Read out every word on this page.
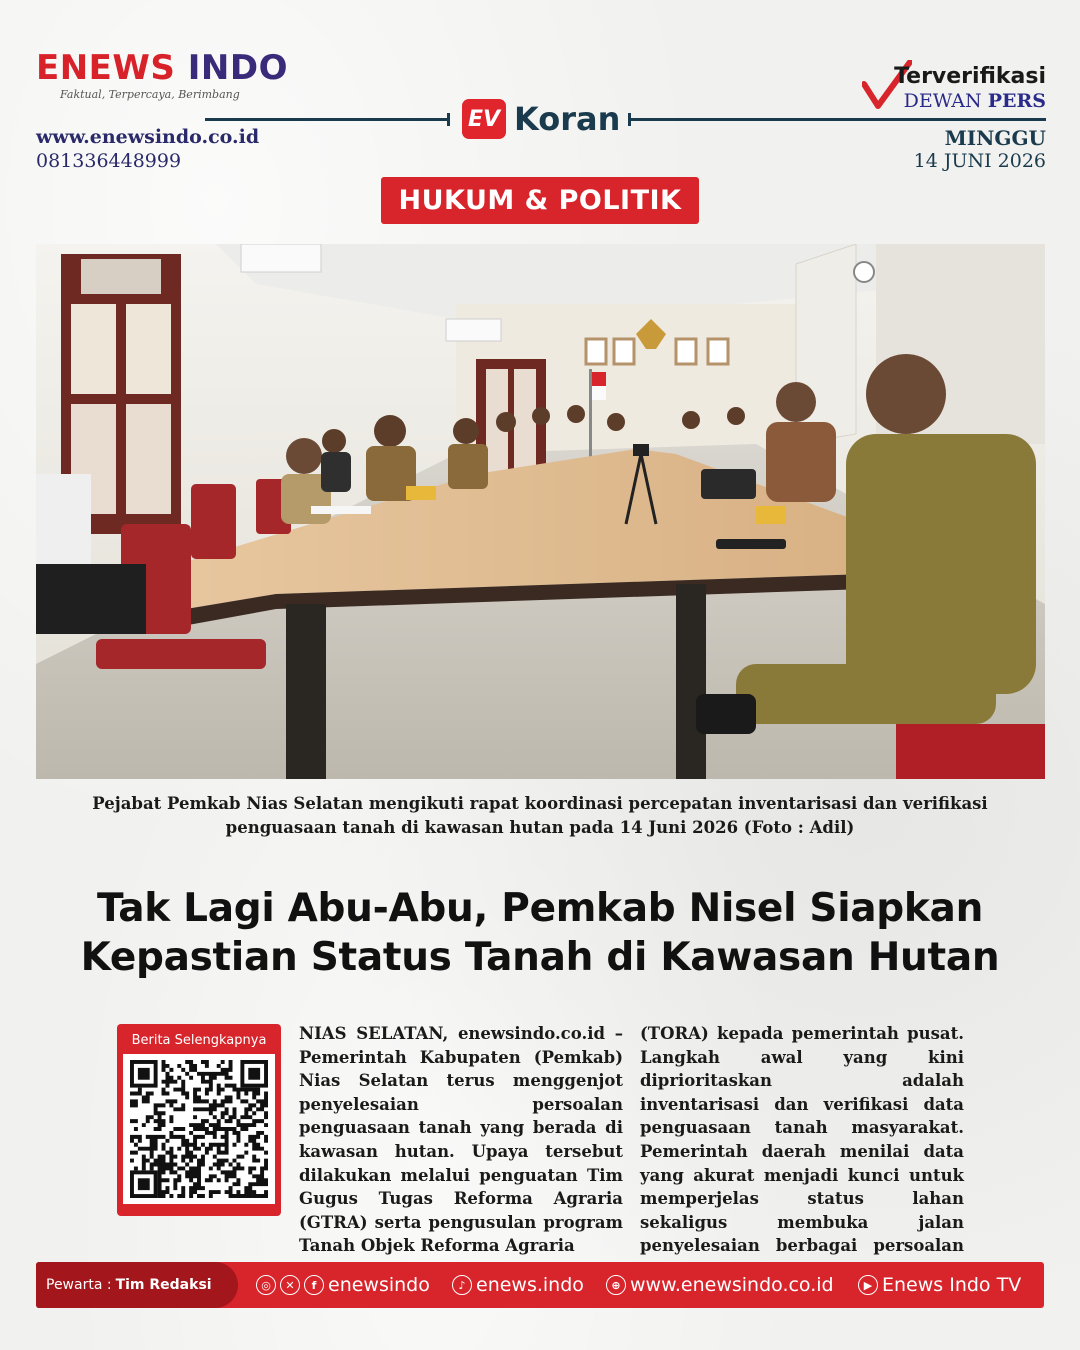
ENEWS INDO
Faktual, Terpercaya, Berimbang
www.enewsindo.co.id
081336448999
EV Koran
Terverifikasi
DEWAN PERS
MINGGU
14 JUNI 2026
HUKUM & POLITIK
Pejabat Pemkab Nias Selatan mengikuti rapat koordinasi percepatan inventarisasi dan verifikasi penguasaan tanah di kawasan hutan pada 14 Juni 2026 (Foto : Adil)
Tak Lagi Abu-Abu, Pemkab Nisel Siapkan
Kepastian Status Tanah di Kawasan Hutan
Berita Selengkapnya	NIAS SELATAN, enewsindo.co.id – Pemerintah Kabupaten (Pemkab) Nias Selatan terus menggenjot penyelesaian persoalan penguasaan tanah yang berada di kawasan hutan. Upaya tersebut dilakukan melalui penguatan Tim Gugus Tugas Reforma Agraria (GTRA) serta pengusulan program Tanah Objek Reforma Agraria
(TORA) kepada pemerintah pusat. Langkah awal yang kini diprioritaskan adalah inventarisasi dan verifikasi data penguasaan tanah masyarakat. Pemerintah daerah menilai data yang akurat menjadi kunci untuk memperjelas status lahan sekaligus membuka jalan penyelesaian berbagai persoalan
Pewarta : Tim Redaksi	◎	✕	f enewsindo	♪ enews.indo	⊕ www.enewsindo.co.id	▶ Enews Indo TV
